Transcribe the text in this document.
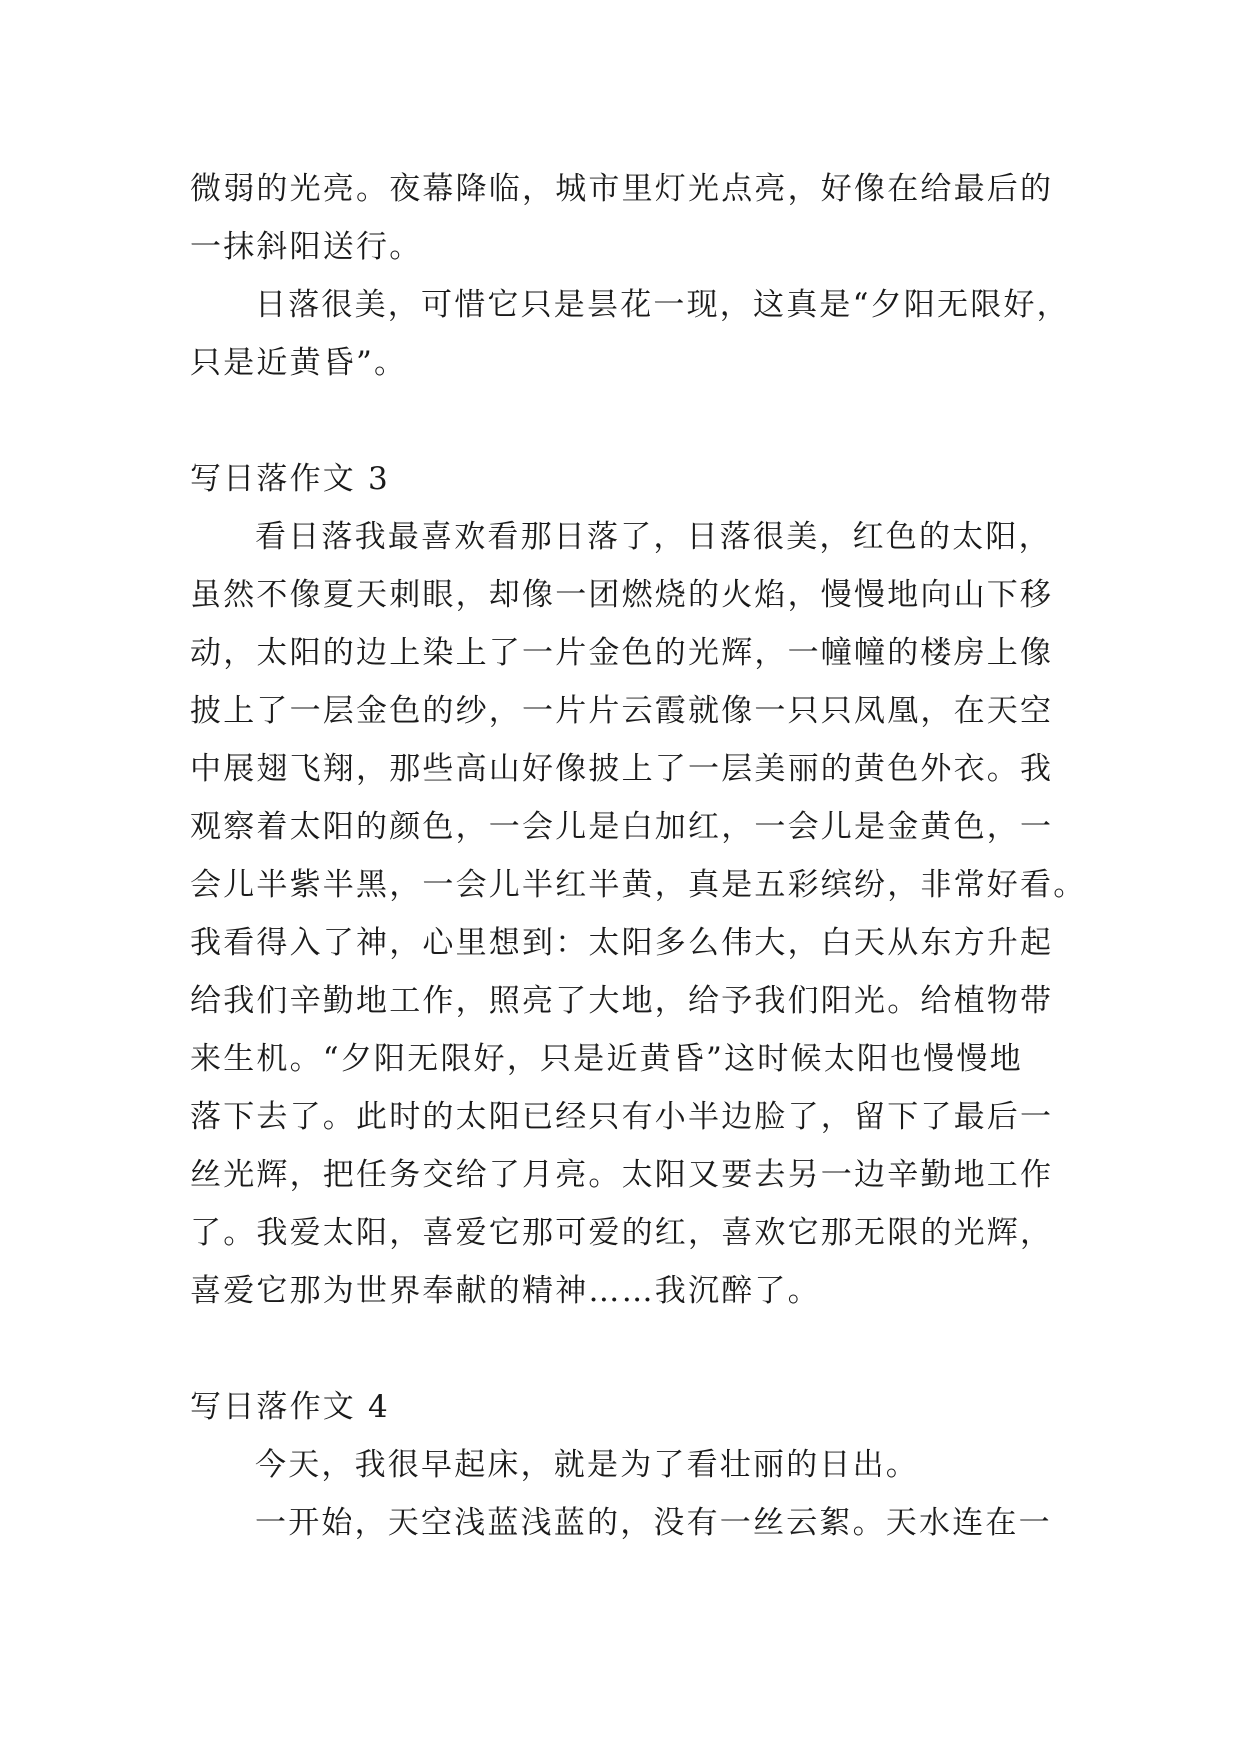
微弱的光亮。夜幕降临，城市里灯光点亮，好像在给最后的
一抹斜阳送行。
日落很美，可惜它只是昙花一现，这真是“夕阳无限好，
只是近黄昏”。
写日落作文 3
看日落我最喜欢看那日落了，日落很美，红色的太阳，
虽然不像夏天刺眼，却像一团燃烧的火焰，慢慢地向山下移
动，太阳的边上染上了一片金色的光辉，一幢幢的楼房上像
披上了一层金色的纱，一片片云霞就像一只只凤凰，在天空
中展翅飞翔，那些高山好像披上了一层美丽的黄色外衣。我
观察着太阳的颜色，一会儿是白加红，一会儿是金黄色，一
会儿半紫半黑，一会儿半红半黄，真是五彩缤纷，非常好看。
我看得入了神，心里想到：太阳多么伟大，白天从东方升起
给我们辛勤地工作，照亮了大地，给予我们阳光。给植物带
来生机。“夕阳无限好，只是近黄昏”这时候太阳也慢慢地
落下去了。此时的太阳已经只有小半边脸了，留下了最后一
丝光辉，把任务交给了月亮。太阳又要去另一边辛勤地工作
了。我爱太阳，喜爱它那可爱的红，喜欢它那无限的光辉，
喜爱它那为世界奉献的精神……我沉醉了。
写日落作文 4
今天，我很早起床，就是为了看壮丽的日出。
一开始，天空浅蓝浅蓝的，没有一丝云絮。天水连在一
